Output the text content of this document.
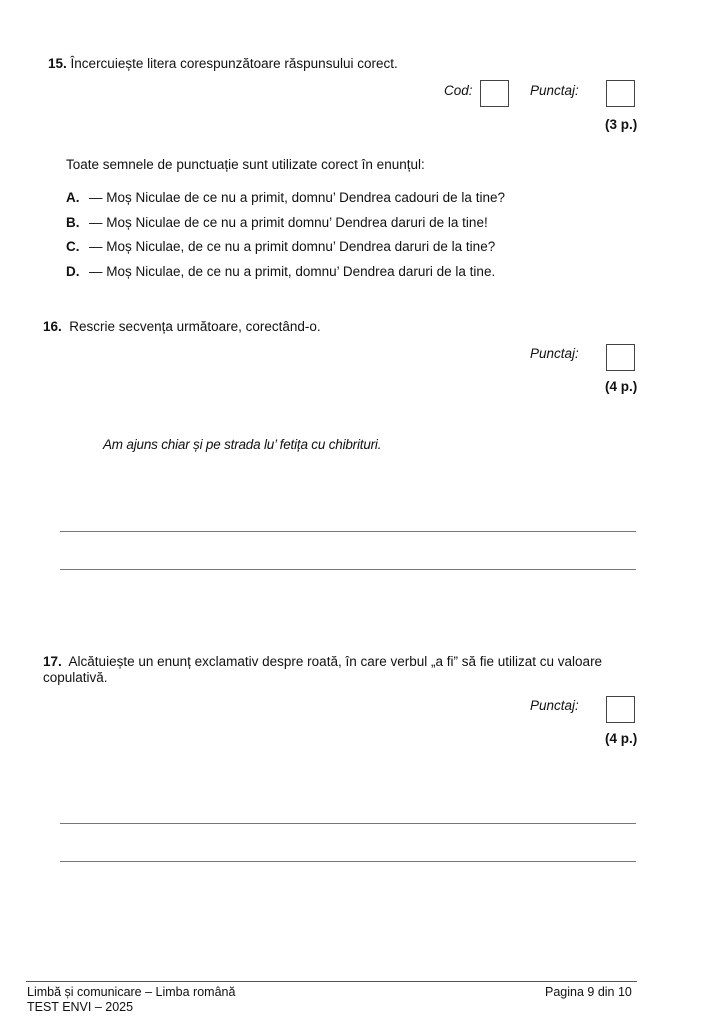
15. Încercuiește litera corespunzătoare răspunsului corect.
Cod:	Punctaj:
(3 p.)
Toate semnele de punctuație sunt utilizate corect în enunțul:
A. — Moș Niculae de ce nu a primit, domnu’ Dendrea cadouri de la tine?
B. — Moș Niculae de ce nu a primit domnu’ Dendrea daruri de la tine!
C. — Moș Niculae, de ce nu a primit domnu’ Dendrea daruri de la tine?
D. — Moș Niculae, de ce nu a primit, domnu’ Dendrea daruri de la tine.
16. Rescrie secvența următoare, corectând-o.
Punctaj:
(4 p.)
Am ajuns chiar și pe strada lu’ fetița cu chibrituri.
17. Alcătuiește un enunț exclamativ despre roată, în care verbul „a fi” să fie utilizat cu valoare
copulativă.
Punctaj:
(4 p.)
Limbă și comunicare – Limba română
TEST ENVI – 2025
Pagina 9 din 10
